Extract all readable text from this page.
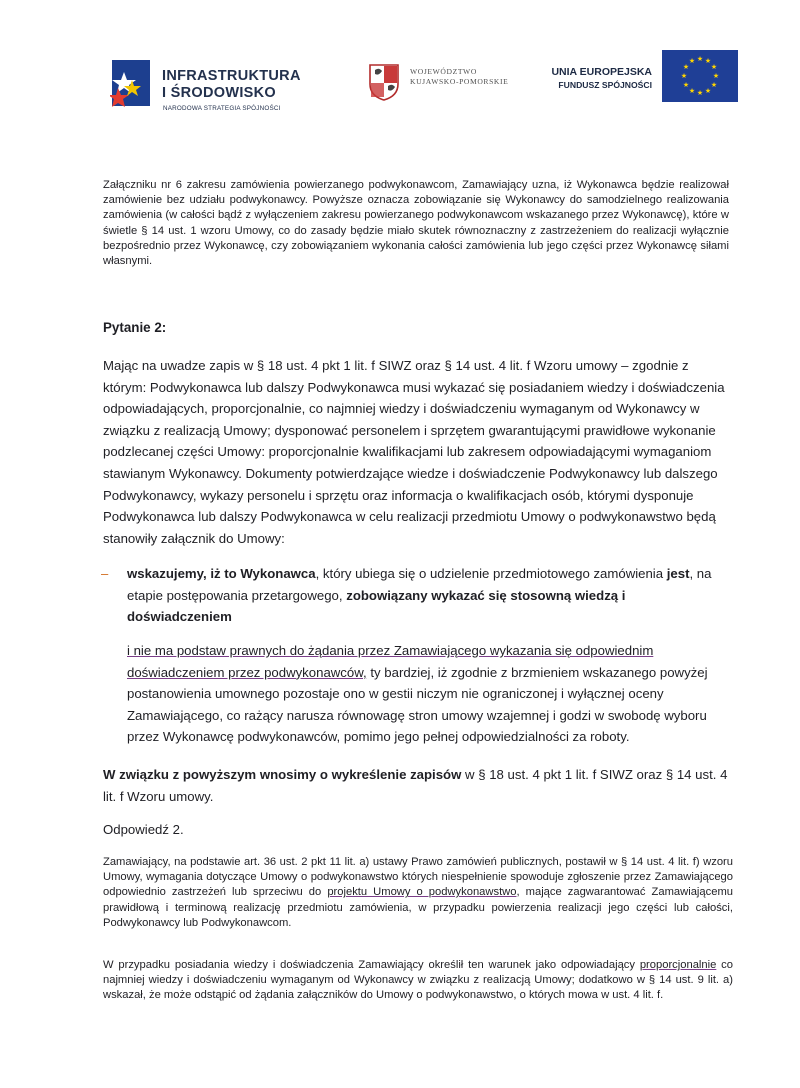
INFRASTRUKTURA
I ŚRODOWISKO
NARODOWA STRATEGIA SPÓJNOŚCI
WOJEWÓDZTWO
KUJAWSKO-POMORSKIE
UNIA EUROPEJSKA
FUNDUSZ SPÓJNOŚCI
★ ★
★
★
★
★
★
★
★
★
★
★

Załączniku nr 6 zakresu zamówienia powierzanego podwykonawcom, Zamawiający uzna, iż Wykonawca będzie realizował zamówienie bez udziału podwykonawcy. Powyższe oznacza zobowiązanie się Wykonawcy do samodzielnego realizowania zamówienia (w całości bądź z wyłączeniem zakresu powierzanego podwykonawcom wskazanego przez Wykonawcę), które w świetle § 14 ust. 1 wzoru Umowy, co do zasady będzie miało skutek równoznaczny z zastrzeżeniem do realizacji wyłącznie bezpośrednio przez Wykonawcę, czy zobowiązaniem wykonania całości zamówienia lub jego części przez Wykonawcę siłami własnymi.

Pytanie 2:

Mając na uwadze zapis w § 18 ust. 4 pkt 1 lit. f SIWZ oraz § 14 ust. 4 lit. f Wzoru umowy – zgodnie z którym: Podwykonawca lub dalszy Podwykonawca musi wykazać się posiadaniem wiedzy i doświadczenia odpowiadających, proporcjonalnie, co najmniej wiedzy i doświadczeniu wymaganym od Wykonawcy w związku z realizacją Umowy; dysponować personelem i sprzętem gwarantującymi prawidłowe wykonanie podzlecanej części Umowy: proporcjonalnie kwalifikacjami lub zakresem odpowiadającymi wymaganiom stawianym Wykonawcy. Dokumenty potwierdzające wiedze i doświadczenie Podwykonawcy lub dalszego Podwykonawcy, wykazy personelu i sprzętu oraz informacja o kwalifikacjach osób, którymi dysponuje Podwykonawca lub dalszy Podwykonawca w celu realizacji przedmiotu Umowy o podwykonawstwo będą stanowiły załącznik do Umowy:

– wskazujemy, iż to Wykonawca, który ubiega się o udzielenie przedmiotowego zamówienia jest, na etapie postępowania przetargowego, zobowiązany wykazać się stosowną wiedzą i doświadczeniem

i nie ma podstaw prawnych do żądania przez Zamawiającego wykazania się odpowiednim doświadczeniem przez podwykonawców, ty bardziej, iż zgodnie z brzmieniem wskazanego powyżej postanowienia umownego pozostaje ono w gestii niczym nie ograniczonej i wyłącznej oceny Zamawiającego, co rażący narusza równowagę stron umowy wzajemnej i godzi w swobodę wyboru przez Wykonawcę podwykonawców, pomimo jego pełnej odpowiedzialności za roboty.

W związku z powyższym wnosimy o wykreślenie zapisów w § 18 ust. 4 pkt 1 lit. f SIWZ oraz § 14 ust. 4 lit. f Wzoru umowy.

Odpowiedź 2.

Zamawiający, na podstawie art. 36 ust. 2 pkt 11 lit. a) ustawy Prawo zamówień publicznych, postawił w § 14 ust. 4 lit. f) wzoru Umowy, wymagania dotyczące Umowy o podwykonawstwo których niespełnienie spowoduje zgłoszenie przez Zamawiającego odpowiednio zastrzeżeń lub sprzeciwu do projektu Umowy o podwykonawstwo, mające zagwarantować Zamawiającemu prawidłową i terminową realizację przedmiotu zamówienia, w przypadku powierzenia realizacji jego części lub całości, Podwykonawcy lub Podwykonawcom.

W przypadku posiadania wiedzy i doświadczenia Zamawiający określił ten warunek jako odpowiadający proporcjonalnie co najmniej wiedzy i doświadczeniu wymaganym od Wykonawcy w związku z realizacją Umowy; dodatkowo w § 14 ust. 9 lit. a) wskazał, że może odstąpić od żądania załączników do Umowy o podwykonawstwo, o których mowa w ust. 4 lit. f.
